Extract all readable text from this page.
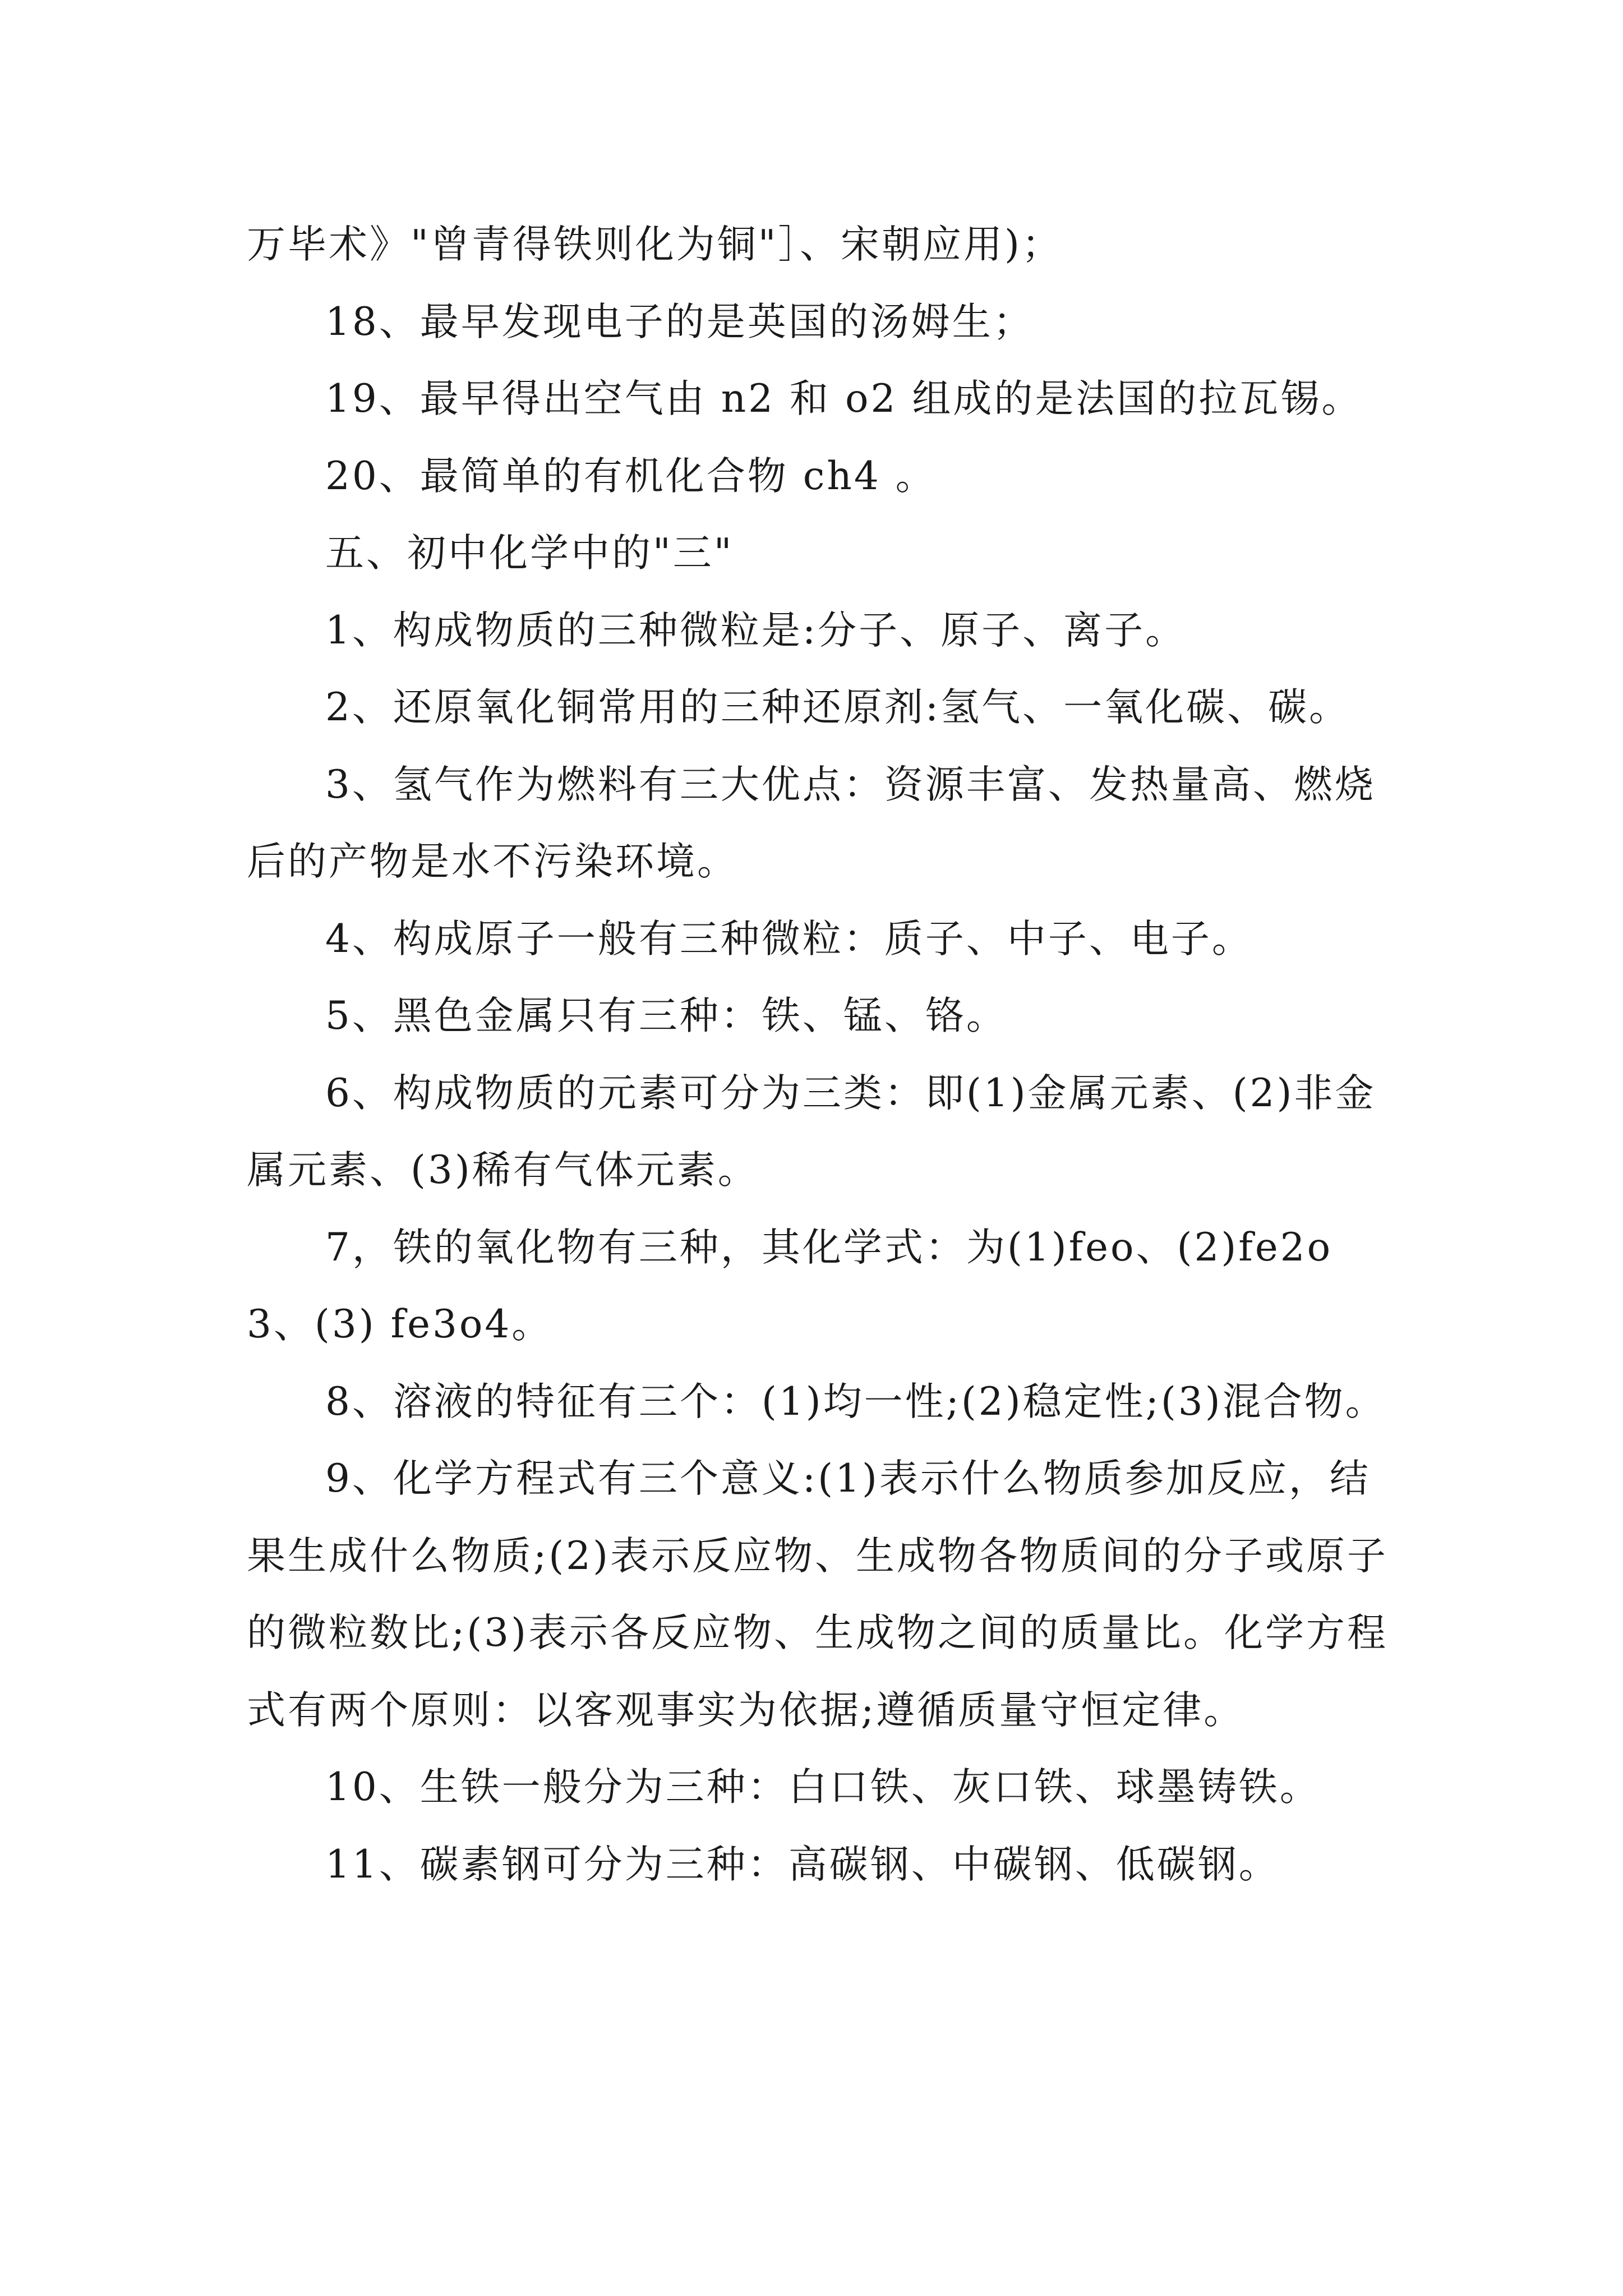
万毕术》"曾青得铁则化为铜"］、宋朝应用)；

18、最早发现电子的是英国的汤姆生；

19、最早得出空气由 n2 和 o2 组成的是法国的拉瓦锡。

20、最简单的有机化合物 ch4 。

五、初中化学中的"三"

1、构成物质的三种微粒是:分子、原子、离子。

2、还原氧化铜常用的三种还原剂:氢气、一氧化碳、碳。

3、氢气作为燃料有三大优点：资源丰富、发热量高、燃烧后的产物是水不污染环境。

4、构成原子一般有三种微粒：质子、中子、电子。

5、黑色金属只有三种：铁、锰、铬。

6、构成物质的元素可分为三类：即(1)金属元素、(2)非金属元素、(3)稀有气体元素。

7，铁的氧化物有三种，其化学式：为(1)feo、(2)fe2o3、(3) fe3o4。

8、溶液的特征有三个：(1)均一性;(2)稳定性;(3)混合物。

9、化学方程式有三个意义:(1)表示什么物质参加反应，结果生成什么物质;(2)表示反应物、生成物各物质间的分子或原子的微粒数比;(3)表示各反应物、生成物之间的质量比。化学方程式有两个原则：以客观事实为依据;遵循质量守恒定律。

10、生铁一般分为三种：白口铁、灰口铁、球墨铸铁。

11、碳素钢可分为三种：高碳钢、中碳钢、低碳钢。
